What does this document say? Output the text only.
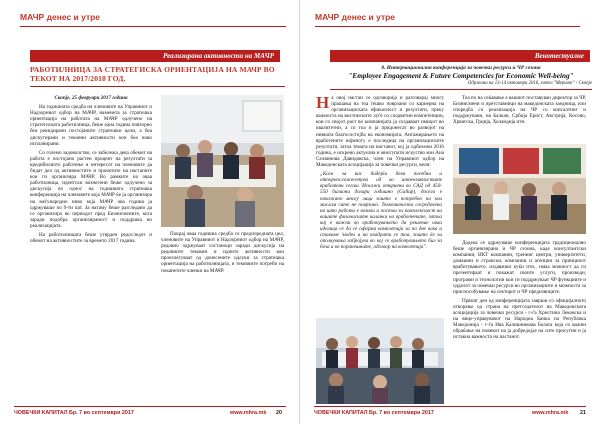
МАЧР денес и утре
Реализирана активности на МАЧР
РАБОТИЛНИЦА ЗА СТРАТЕГИСКА ОРИЕНТАЦИЈА НА МАЧР ВО ТЕКОТ НА 2017/2018 ГОД.

Скопје, 25 февруари 2017 година

На годишната средба на членовите на Управниот и Надзорниот одбор на МАЧР, наменета за стратешка ориентација на работата на МАЧР одлучено на стратегиската работилница, беше една година повторно беа ревидирани постојаните стратешки цели, а беа дискутирани и тековни активности кои беа ново испланирани.

Со големо задоволство, се забележа дека обемот на работа е постојано растен процент на резултати за кредибилното работење и интересот на членовите да бидат дел од активностите и проектите на настапите кои ги организира МАЧР. Во рамките на оваа работилница, идентски вознесени беше одлучено за дискусија по однос на годишната стратешка конференција на членовите која МАЧР ќе ја организира на меѓународно ниво која МАЧР ова година ја одржуваше по 9-ти пат. За натаму беше разгледано да се организира во периодот пред Бизнисмените, кога заради подобра организираност и поддршка во реализацијата.

На работилницата беше утврден редоследот и обемот на активностите за времето 2017 година.

Покрај оваа годишна средба со предпоредната цел, членовите на Управниот и Надзорниот одбор на МАЧР, редовно одржуваат состаноци заради дискусија на редовните тековни и идните активности кои произлегуваат од донесените одлуки за стратешка ориентација на работилницата, и тековните потреби на поканетите членки на МАЧР.

ЧОВЕЧКИ КАПИТАЛ Бр. 7 во септември 2017	www.mhra.mk 20
МАЧР денес и утре
Венотестуалне
8. Интернационална конференција за човечки ресурси и ЧР сезона
"Employee Engagement & Future Competencies for Economic Well-being"
Одржана на 13-14 октомври 2016, хотел "Мериот" - Скопје

На овој настан се одговорија и разговарај многу прашања на тоа тешко поврзани со кариерна на организациската ефикасност и резултати, преку важноста на вистинските луѓе со соодветни компетенции, кои со својот раст во компанијата ја создаваат имиџот во квалитетни, а со тоа и ја придонесат во развојот на нивната благосостојба на економијата. Ангажирањето на вработените најмногу е последица на организациските резултати, затоа темата на настанот, кој ја одбележи 2016 година, е искрено актуелна и многупати искуство кои Ана Селвинова Давидовска, член на Управниот одбор на Македонската асоцијација за човечки ресурси, вели:

„Кога за нас бидејќи бева посебни и отпорносложесетува од во интензивностите вработени сегаш 'Искажи откриени во САД од 450-550 билиони долари годишно (Gallup), досега е покажано многу лица зошто е потребно на кои мислам сите не поврзано. Тевктивноста сосредочена на што работи е вознаи и постои за комплексност на вашите физичиските каланки на вработените, затоа кај е важни во вработувањето да решение оваа иделица се да се оформа комплетија за по две вака и ставаме 'модел и на квадрати се тоа, зошто ќе ли ополнувања избројува во кој се вработувањето бил за бела и во поранешните, одговор на комплетија".

Тоа по на сеќавање е вашиот поставуван директор за ЧР, Бизнисмени и претставници на македонската заедница, или споредба со реализација на ЧР со консалтинг и поддржувани, на Балкан, Србија Ернст, Австрија, Косово, Хрватска, Грција, Холандија итн.

Додека се одржуваше конференцијата традиционално беше организирана и ЧР сезона, каде консултантски компании, ИКТ компании, тренинг центри, универзитети, домашни и странски, компании и агенции за принципот вработувањето, издавачки куќи итн., имаа можност да ги презентираат и покажат своите услуги, производи, програми и технологии кои ги поддржуваат ЧР функциите и одделот за човечки ресурси во организациите и можноста за приспособување на секторот и ЧР предизвиците.

Првпат ден од конференцијата заврши со официјалното отворање од страна на претседателот на Македонската асоцијација за човечки ресурси - г-ѓа Христина Лековска и на вице-управувачот на Народна Банка на Република Македонија - г-ѓа Ива Калишникова Белата која со важни обраќање на повикот на ја добредојде на сите присутни и ја истакна важноста на настанот.

ЧОВЕЧКИ КАПИТАЛ Бр. 7 во септември 2017	www.mhra.mk 21
